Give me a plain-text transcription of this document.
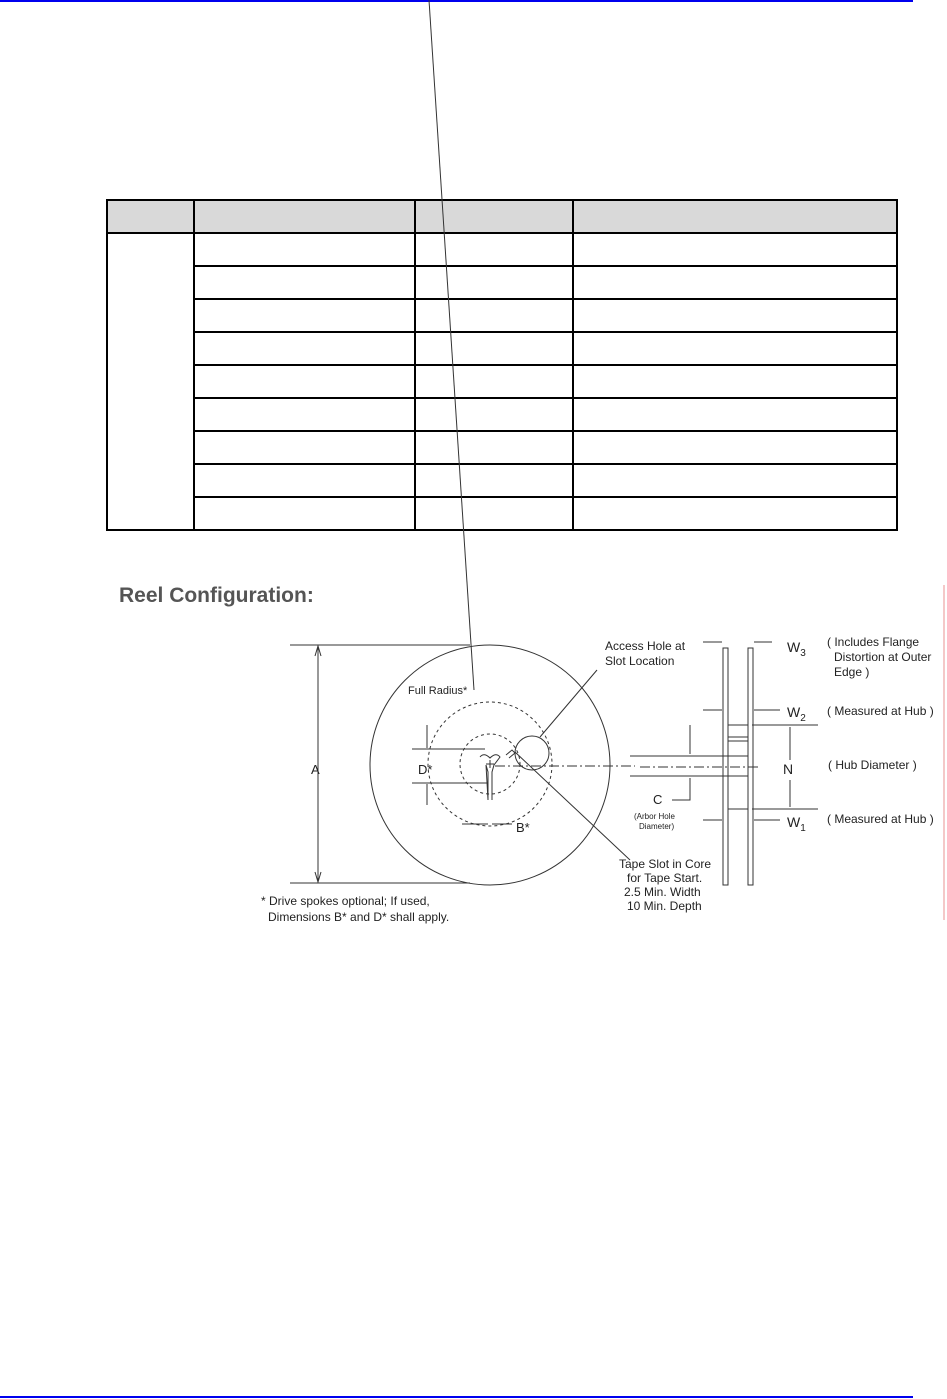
Reel Configuration:
A	D*
B*
Full Radius*
Access Hole at
Slot Location
Tape Slot in Core
for Tape Start.
2.5 Min. Width
10 Min. Depth
* Drive spokes optional; If used,
Dimensions B* and D* shall apply.
C
(Arbor Hole
Diameter)
$W_3$
$W_2$
$W_1$
N
( Includes Flange
Distortion at Outer
Edge )
( Measured at Hub )
( Hub Diameter )
( Measured at Hub )
